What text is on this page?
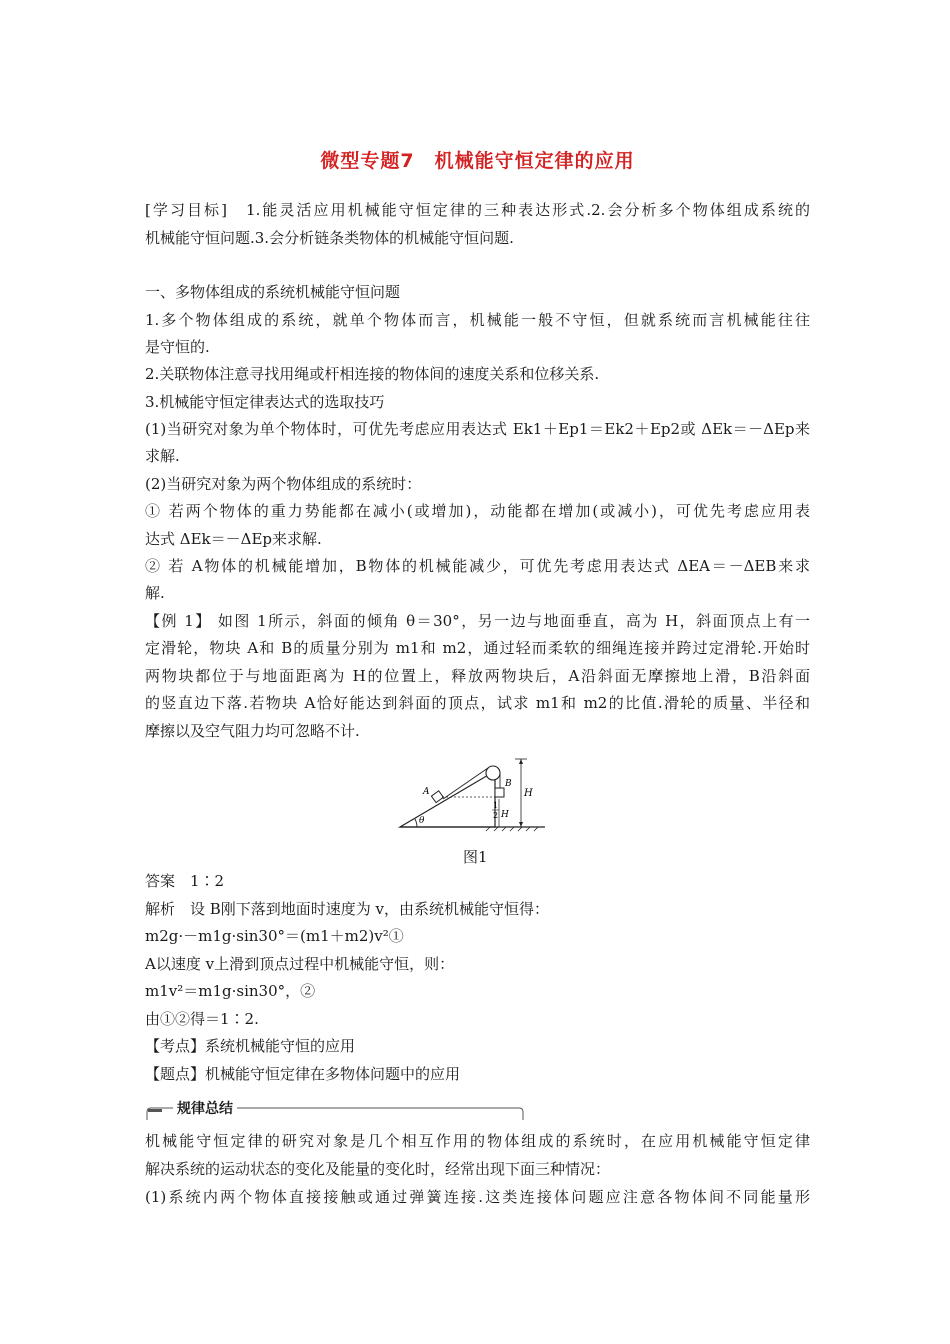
微型专题7　机械能守恒定律的应用
[学习目标]　1.能灵活应用机械能守恒定律的三种表达形式.2.会分析多个物体组成系统的
机械能守恒问题.3.会分析链条类物体的机械能守恒问题.
一、多物体组成的系统机械能守恒问题
1.多个物体组成的系统，就单个物体而言，机械能一般不守恒，但就系统而言机械能往往
是守恒的.
2.关联物体注意寻找用绳或杆相连接的物体间的速度关系和位移关系.
3.机械能守恒定律表达式的选取技巧
(1)当研究对象为单个物体时，可优先考虑应用表达式 Ek1＋Ep1＝Ek2＋Ep2或 ΔEk＝－ΔEp来
求解.
(2)当研究对象为两个物体组成的系统时：
① 若两个物体的重力势能都在减小(或增加)，动能都在增加(或减小)，可优先考虑应用表
达式 ΔEk＝－ΔEp来求解.
② 若 A物体的机械能增加，B物体的机械能减少，可优先考虑用表达式 ΔEA＝－ΔEB来求
解.
【例 1】 如图 1所示，斜面的倾角 θ＝30°，另一边与地面垂直，高为 H，斜面顶点上有一
定滑轮，物块 A和 B的质量分别为 m1和 m2，通过轻而柔软的细绳连接并跨过定滑轮.开始时
两物块都位于与地面距离为 H的位置上，释放两物块后，A沿斜面无摩擦地上滑，B沿斜面
的竖直边下落.若物块 A恰好能达到斜面的顶点，试求 m1和 m2的比值.滑轮的质量、半径和
摩擦以及空气阻力均可忽略不计.
θ
A
B
H
1
2 H
图1
答案　1∶2
解析　设 B刚下落到地面时速度为 v，由系统机械能守恒得：
m2g·－m1g·sin30°＝(m1＋m2)v²①
A以速度 v上滑到顶点过程中机械能守恒，则：
m1v²＝m1g·sin30°，②
由①②得＝1∶2.
【考点】系统机械能守恒的应用
【题点】机械能守恒定律在多物体问题中的应用
规律总结
机械能守恒定律的研究对象是几个相互作用的物体组成的系统时，在应用机械能守恒定律
解决系统的运动状态的变化及能量的变化时，经常出现下面三种情况：
(1)系统内两个物体直接接触或通过弹簧连接.这类连接体问题应注意各物体间不同能量形
